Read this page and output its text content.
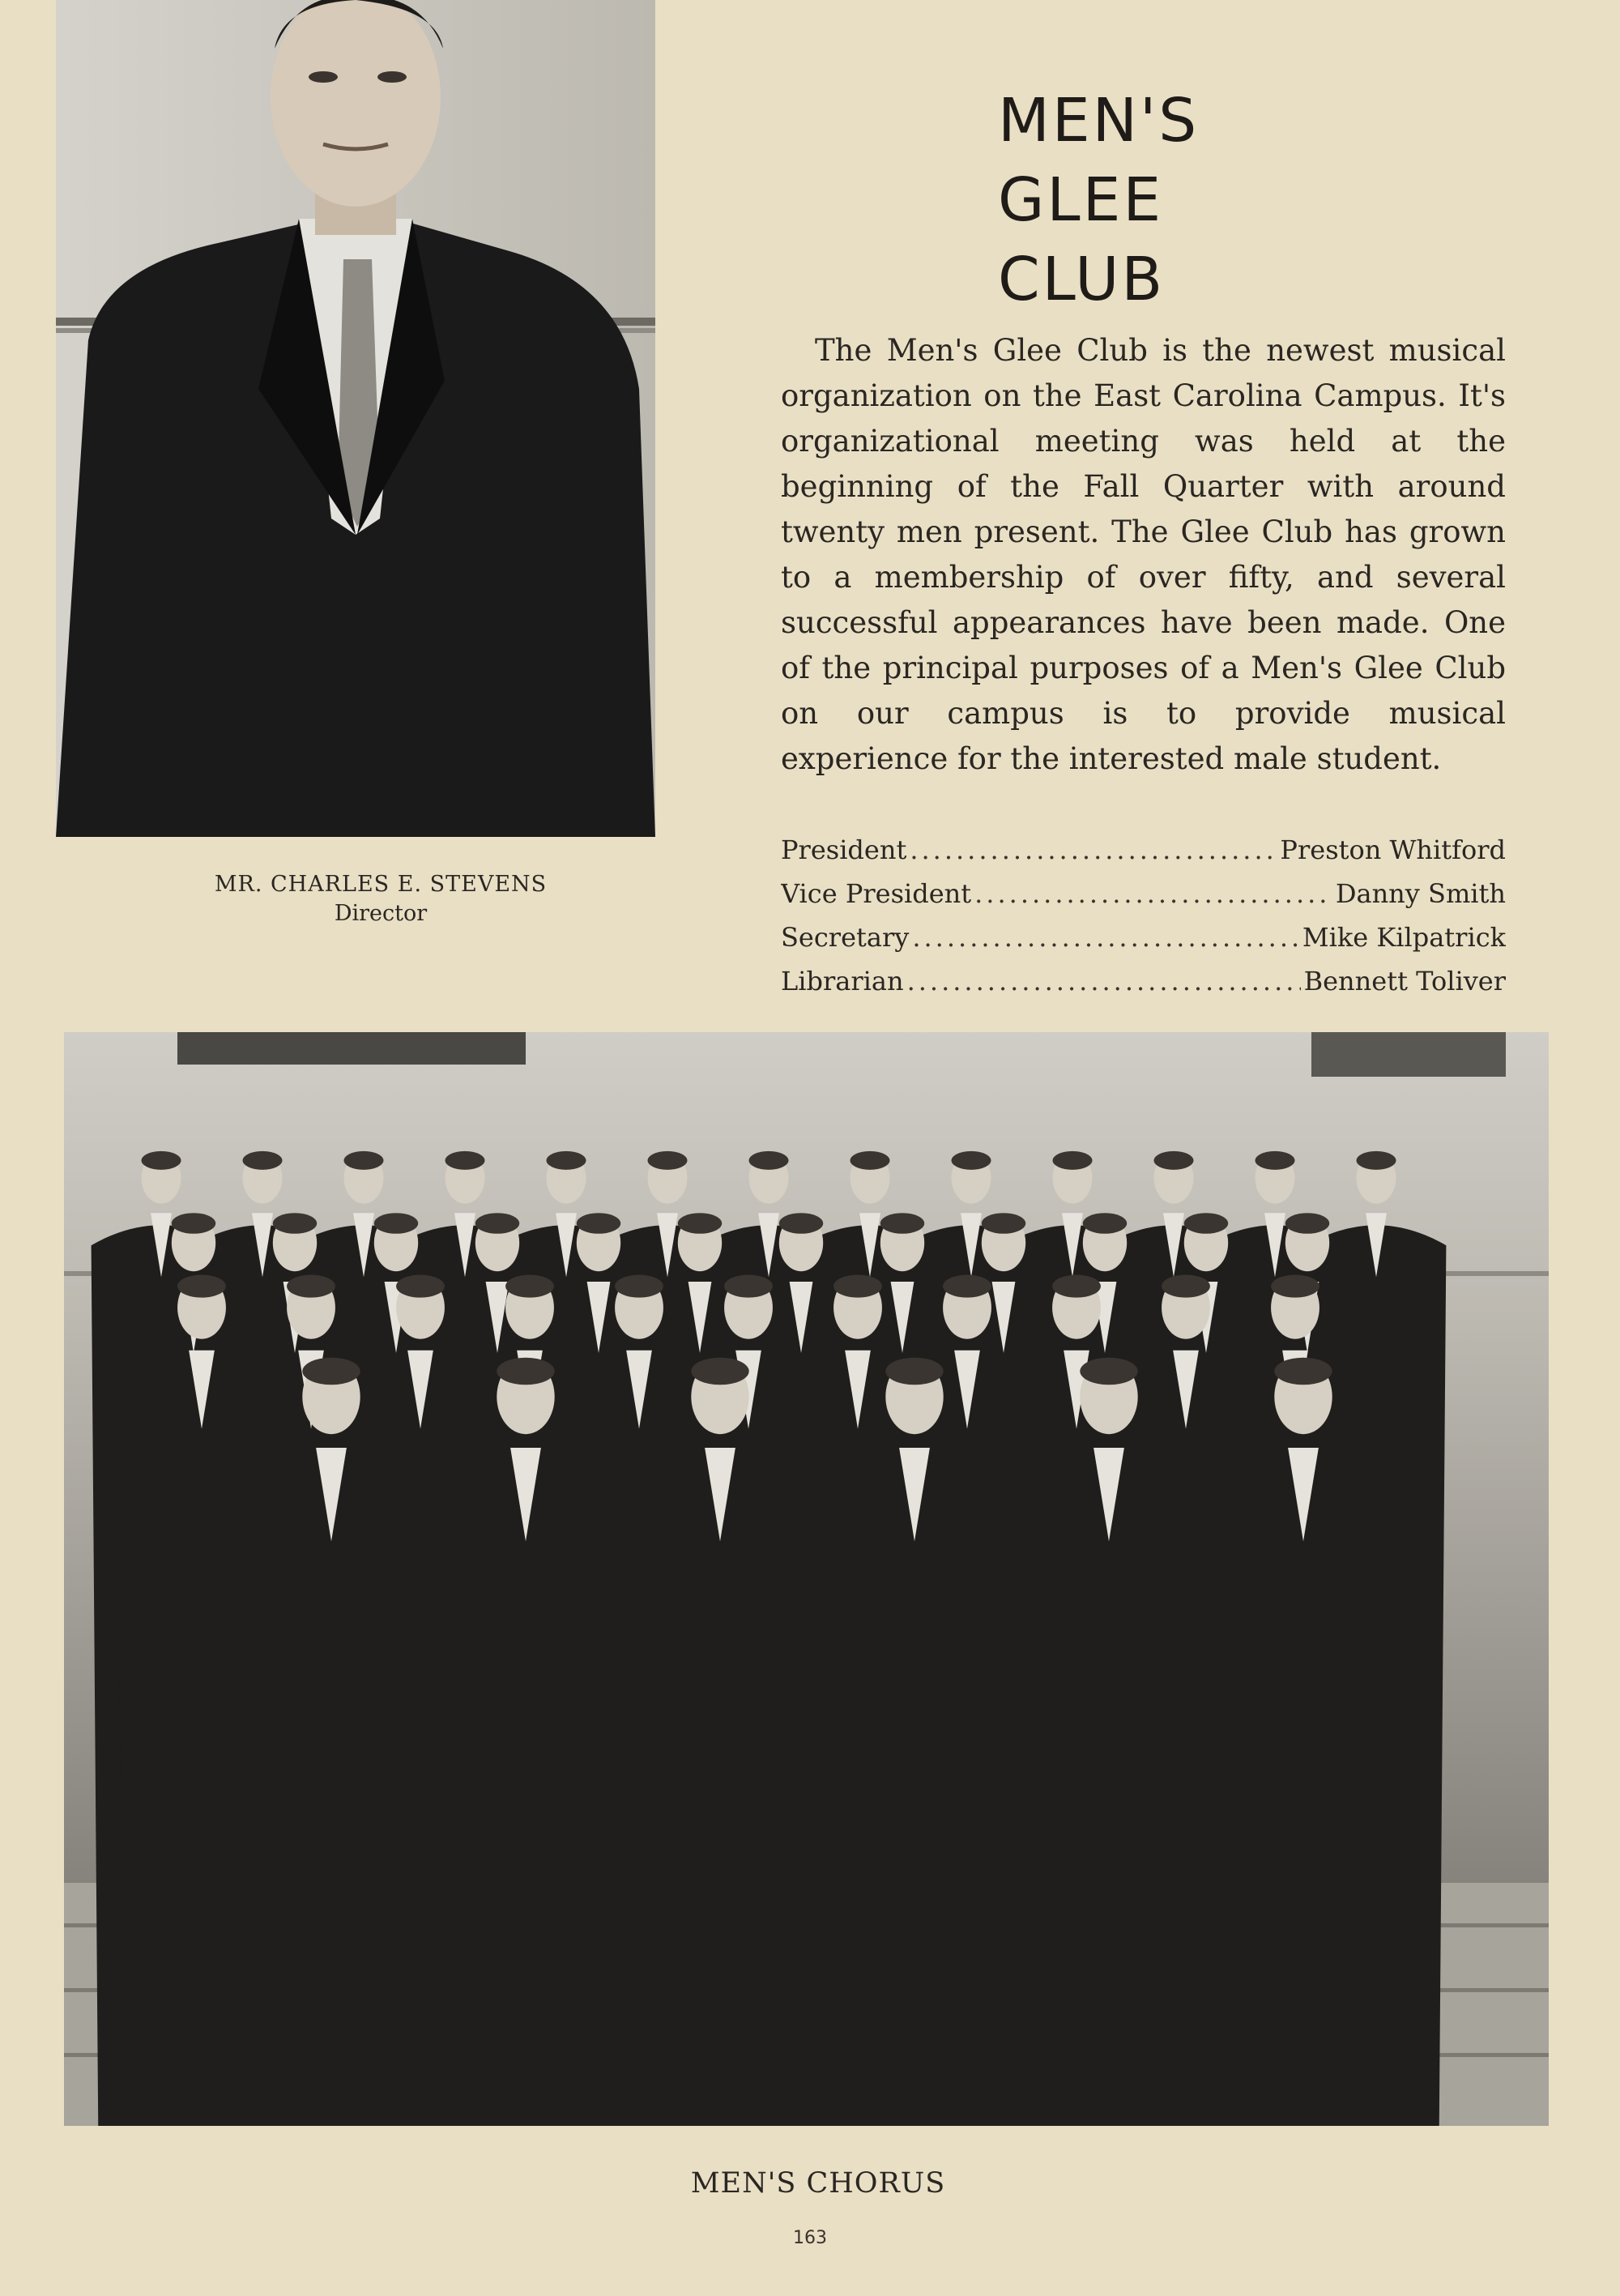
MEN'S
GLEE
CLUB

The Men's Glee Club is the newest musical organization on the East Carolina Campus. It's organizational meeting was held at the beginning of the Fall Quarter with around twenty men present. The Glee Club has grown to a membership of over fifty, and several successful appearances have been made. One of the principal purposes of a Men's Glee Club on our campus is to provide musical experience for the interested male student.

President .....	Preston Whitford
Vice President .....	Danny Smith
Secretary .....	Mike Kilpatrick
Librarian .....	Bennett Toliver
MR. CHARLES E. STEVENS
Director
MEN'S CHORUS
163
